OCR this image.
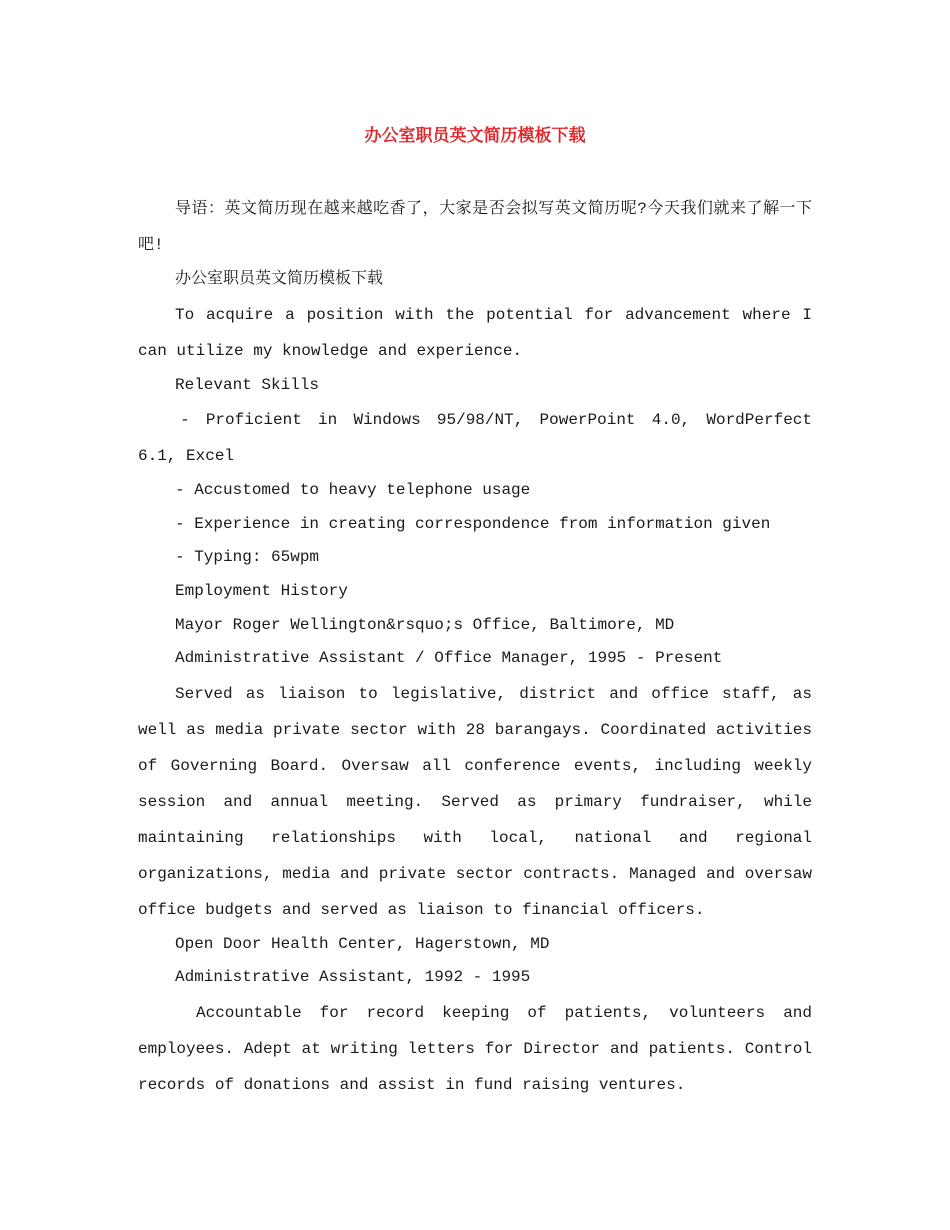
办公室职员英文简历模板下载

导语：英文简历现在越来越吃香了，大家是否会拟写英文简历呢?今天我们就来了解一下吧!

办公室职员英文简历模板下载

To acquire a position with the potential for advancement where I can utilize my knowledge and experience.

Relevant Skills

- Proficient in Windows 95/98/NT, PowerPoint 4.0, WordPerfect 6.1, Excel

- Accustomed to heavy telephone usage

- Experience in creating correspondence from information given

- Typing: 65wpm

Employment History

Mayor Roger Wellington&rsquo;s Office, Baltimore, MD

Administrative Assistant / Office Manager, 1995 - Present

Served as liaison to legislative, district and office staff, as well as media private sector with 28 barangays. Coordinated activities of Governing Board. Oversaw all conference events, including weekly session and annual meeting. Served as primary fundraiser, while maintaining relationships with local, national and regional organizations, media and private sector contracts. Managed and oversaw office budgets and served as liaison to financial officers.

Open Door Health Center, Hagerstown, MD

Administrative Assistant, 1992 - 1995

Accountable for record keeping of patients, volunteers and employees. Adept at writing letters for Director and patients. Control records of donations and assist in fund raising ventures.
